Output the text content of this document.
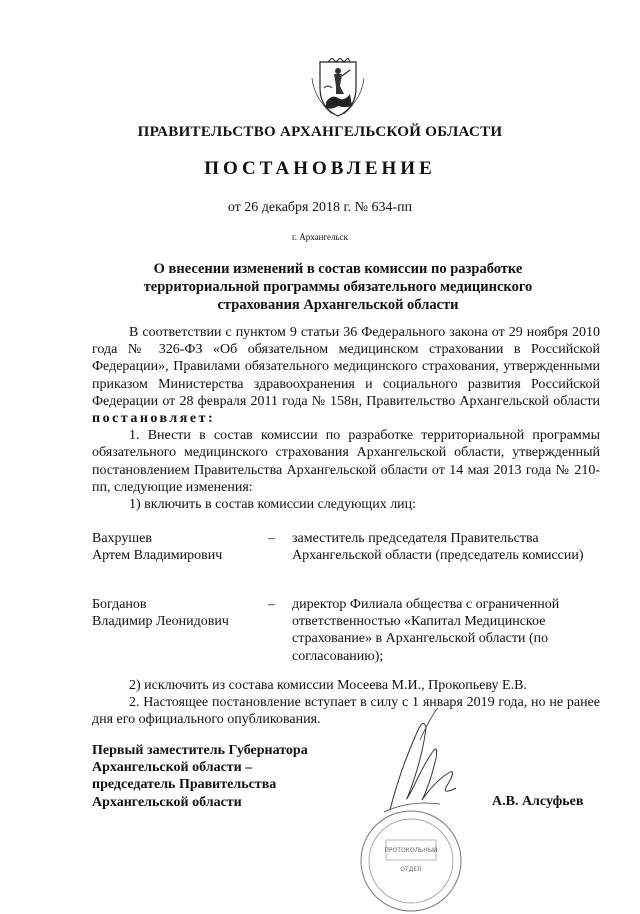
ПРАВИТЕЛЬСТВО АРХАНГЕЛЬСКОЙ ОБЛАСТИ
ПОСТАНОВЛЕНИЕ
от 26 декабря 2018 г. № 634-пп
г. Архангельск
О внесении изменений в состав комиссии по разработке территориальной программы обязательного медицинского страхования Архангельской области

В соответствии с пунктом 9 статьи 36 Федерального закона от 29 ноября 2010 года № 326-ФЗ «Об обязательном медицинском страховании в Российской Федерации», Правилами обязательного медицинского страхования, утвержденными приказом Министерства здравоохранения и социального развития Российской Федерации от 28 февраля 2011 года № 158н, Правительство Архангельской области постановляет:

1. Внести в состав комиссии по разработке территориальной программы обязательного медицинского страхования Архангельской области, утвержденный постановлением Правительства Архангельской области от 14 мая 2013 года № 210-пп, следующие изменения:

1) включить в состав комиссии следующих лиц:

Вахрушев
Артем Владимирович
– заместитель председателя Правительства Архангельской области (председатель комиссии)
Богданов
Владимир Леонидович
– директор Филиала общества с ограниченной ответственностью «Капитал Медицинское страхование» в Архангельской области (по согласованию);

2) исключить из состава комиссии Мосеева М.И., Прокопьеву Е.В.

2. Настоящее постановление вступает в силу с 1 января 2019 года, но не ранее дня его официального опубликования.

ПРОТОКОЛЬНЫЙ
ОТДЕЛ
Первый заместитель Губернатора
Архангельской области –
председатель Правительства
Архангельской области	А.В. Алсуфьев
